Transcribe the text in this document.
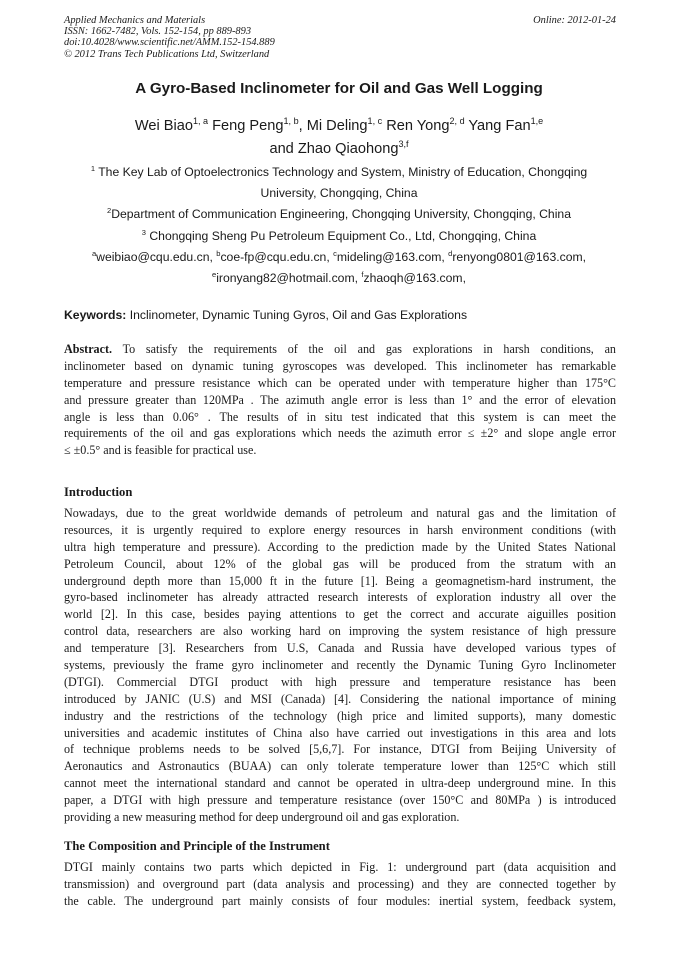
Applied Mechanics and Materials
ISSN: 1662-7482, Vols. 152-154, pp 889-893
doi:10.4028/www.scientific.net/AMM.152-154.889
© 2012 Trans Tech Publications Ltd, Switzerland
Online: 2012-01-24
A Gyro-Based Inclinometer for Oil and Gas Well Logging
Wei Biao$^{1, a}$ Feng Peng$^{1, b}$, Mi Deling$^{1, c}$ Ren Yong$^{2, d}$ Yang Fan$^{1,e}$
and Zhao Qiaohong$^{3,f}$
$^1$ The Key Lab of Optoelectronics Technology and System, Ministry of Education, Chongqing
University, Chongqing, China
$^2$Department of Communication Engineering, Chongqing University, Chongqing, China
$^3$ Chongqing Sheng Pu Petroleum Equipment Co., Ltd, Chongqing, China
$^a$weibiao@cqu.edu.cn, $^b$coe-fp@cqu.edu.cn, $^c$mideling@163.com, $^d$renyong0801@163.com,
$^e$ironyang82@hotmail.com, $^f$zhaoqh@163.com,
Keywords: Inclinometer, Dynamic Tuning Gyros, Oil and Gas Explorations
Abstract. To satisfy the requirements of the oil and gas explorations in harsh conditions, an
inclinometer based on dynamic tuning gyroscopes was developed. This inclinometer has remarkable
temperature and pressure resistance which can be operated under with temperature higher than 175°C
and pressure greater than 120MPa . The azimuth angle error is less than 1° and the error of elevation
angle is less than 0.06° . The results of in situ test indicated that this system is can meet the
requirements of the oil and gas explorations which needs the azimuth error ≤ ±2° and slope angle error
≤ ±0.5° and is feasible for practical use.
Introduction
Nowadays, due to the great worldwide demands of petroleum and natural gas and the limitation of
resources, it is urgently required to explore energy resources in harsh environment conditions (with
ultra high temperature and pressure). According to the prediction made by the United States National
Petroleum Council, about 12% of the global gas will be produced from the stratum with an
underground depth more than 15,000 ft in the future [1]. Being a geomagnetism-hard instrument, the
gyro-based inclinometer has already attracted research interests of exploration industry all over the
world [2]. In this case, besides paying attentions to get the correct and accurate aiguilles position
control data, researchers are also working hard on improving the system resistance of high pressure
and temperature [3]. Researchers from U.S, Canada and Russia have developed various types of
systems, previously the frame gyro inclinometer and recently the Dynamic Tuning Gyro Inclinometer
(DTGI). Commercial DTGI product with high pressure and temperature resistance has been
introduced by JANIC (U.S) and MSI (Canada) [4]. Considering the national importance of mining
industry and the restrictions of the technology (high price and limited supports), many domestic
universities and academic institutes of China also have carried out investigations in this area and lots
of technique problems needs to be solved [5,6,7]. For instance, DTGI from Beijing University of
Aeronautics and Astronautics (BUAA) can only tolerate temperature lower than 125°C which still
cannot meet the international standard and cannot be operated in ultra-deep underground mine. In this
paper, a DTGI with high pressure and temperature resistance (over 150°C and 80MPa ) is introduced
providing a new measuring method for deep underground oil and gas exploration.
The Composition and Principle of the Instrument
DTGI mainly contains two parts which depicted in Fig. 1: underground part (data acquisition and
transmission) and overground part (data analysis and processing) and they are connected together by
the cable. The underground part mainly consists of four modules: inertial system, feedback system,
